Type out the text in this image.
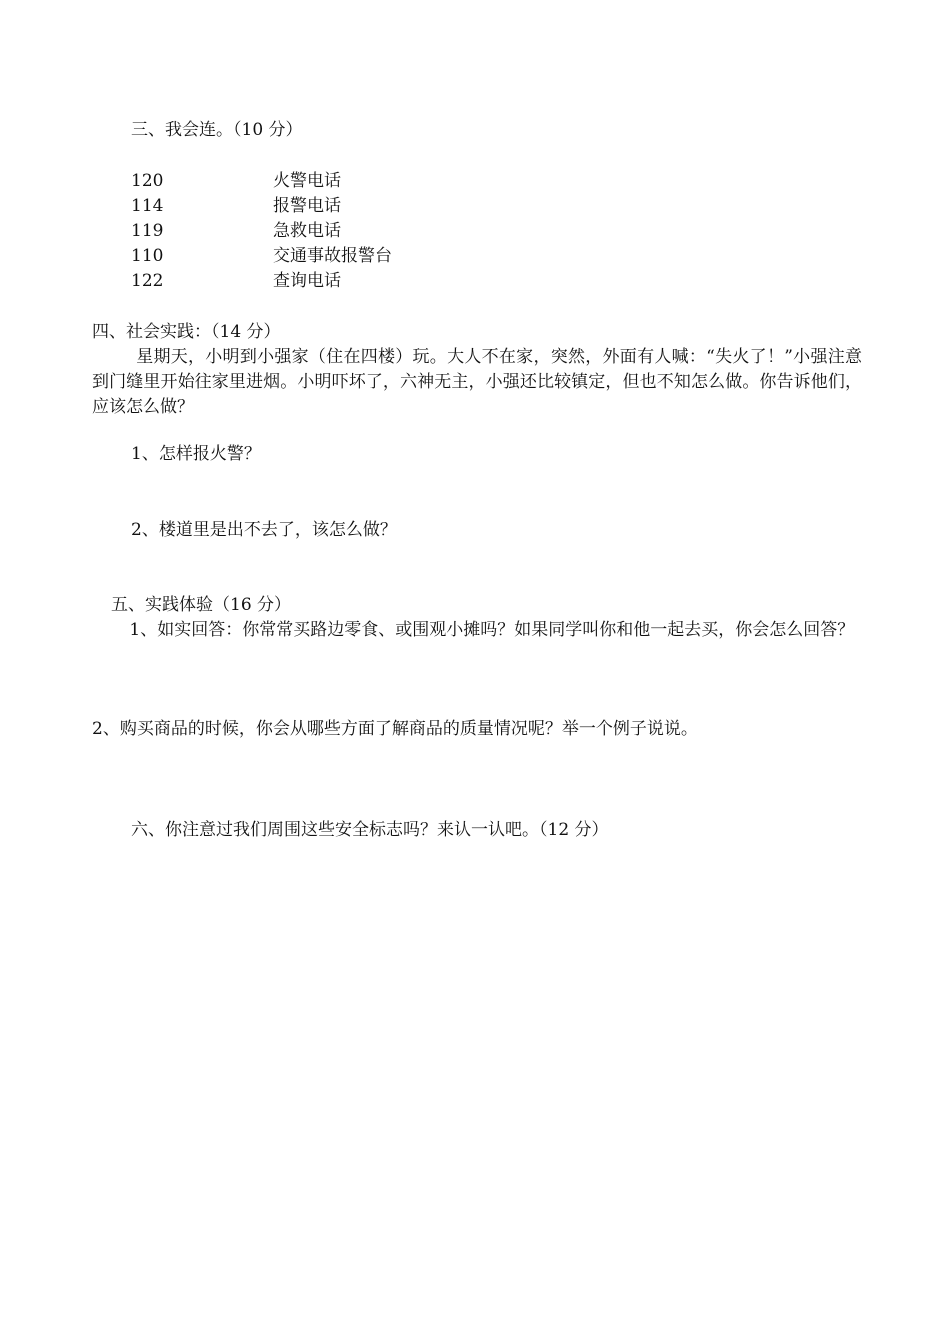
三、我会连。（10 分）
120	火警电话
114	报警电话
119	急救电话
110	交通事故报警台
122	查询电话
四、社会实践：（14 分）
星期天，小明到小强家（住在四楼）玩。大人不在家，突然，外面有人喊：“失火了！”小强注意到门缝里开始往家里进烟。小明吓坏了，六神无主，小强还比较镇定，但也不知怎么做。你告诉他们，应该怎么做？
1、怎样报火警？
2、楼道里是出不去了，该怎么做？
五、实践体验（16 分）
1、如实回答：你常常买路边零食、或围观小摊吗？如果同学叫你和他一起去买，你会怎么回答？
2、购买商品的时候，你会从哪些方面了解商品的质量情况呢？举一个例子说说。
六、你注意过我们周围这些安全标志吗？来认一认吧。（12 分）
